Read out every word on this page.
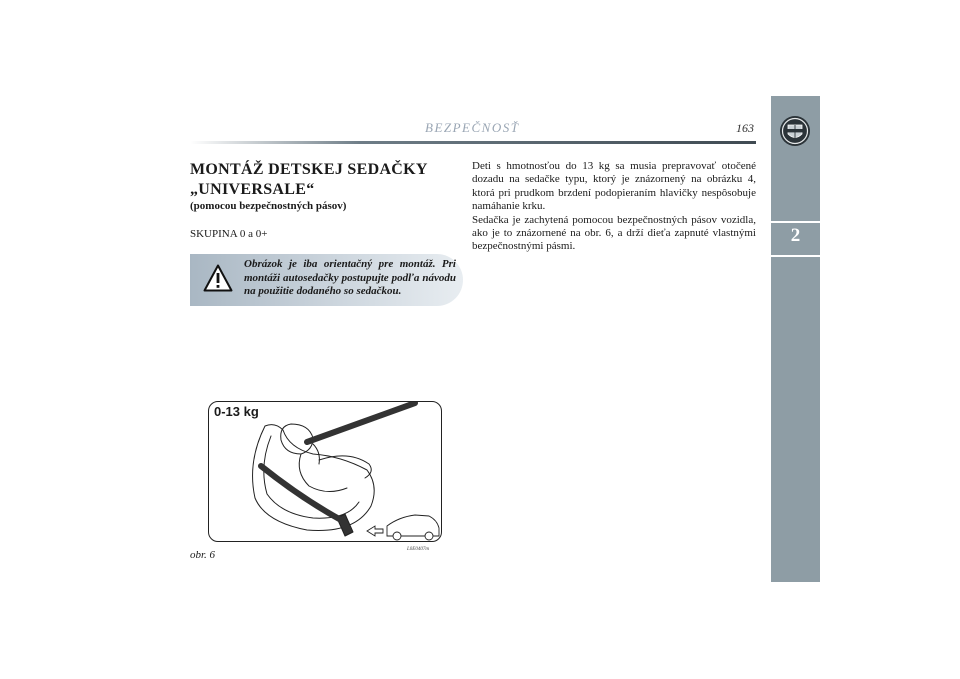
BEZPEČNOSŤ	163
2
MONTÁŽ DETSKEJ SEDAČKY „UNIVERSALE“
(pomocou bezpečnostných pásov)
SKUPINA 0 a 0+
Obrázok je iba orientačný pre montáž. Pri montáži autosedačky postupujte podľa návodu na použitie dodaného so sedačkou.
Deti s hmotnosťou do 13 kg sa musia prepravovať otočené dozadu na sedačke typu, ktorý je znázornený na obrázku 4, ktorá pri prudkom brzdení podopieraním hlavičky nespôsobuje namáhanie krku.
Sedačka je zachytená pomocou bezpečnostných pásov vozidla, ako je to znázornené na obr. 6, a drží dieťa zapnuté vlastnými bezpečnostnými pásmi.
0-13 kg
obr. 6	L0E0407m
